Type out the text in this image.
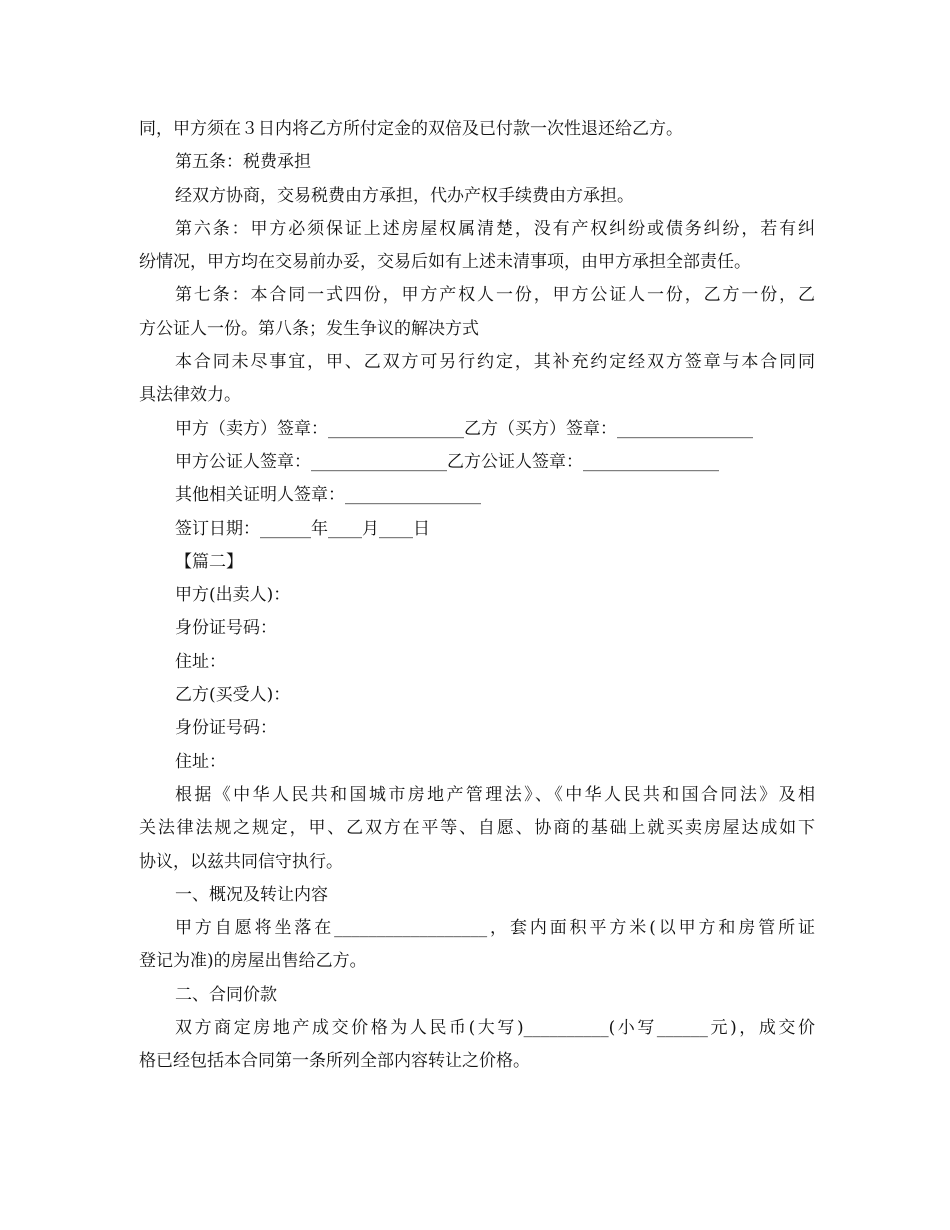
同，甲方须在３日内将乙方所付定金的双倍及已付款一次性退还给乙方。
第五条：税费承担
经双方协商，交易税费由方承担，代办产权手续费由方承担。
第六条：甲方必须保证上述房屋权属清楚，没有产权纠纷或债务纠纷，若有纠
纷情况，甲方均在交易前办妥，交易后如有上述未清事项，由甲方承担全部责任。
第七条：本合同一式四份，甲方产权人一份，甲方公证人一份，乙方一份，乙
方公证人一份。第八条；发生争议的解决方式
本合同未尽事宜，甲、乙双方可另行约定，其补充约定经双方签章与本合同同
具法律效力。
甲方（卖方）签章：________________乙方（买方）签章：________________
甲方公证人签章：________________乙方公证人签章：________________
其他相关证明人签章：________________
签订日期：______年____月____日
【篇二】
甲方(出卖人)：
身份证号码：
住址：
乙方(买受人)：
身份证号码：
住址：
根据《中华人民共和国城市房地产管理法》、《中华人民共和国合同法》及相
关法律法规之规定，甲、乙双方在平等、自愿、协商的基础上就买卖房屋达成如下
协议，以兹共同信守执行。
一、概况及转让内容
甲方自愿将坐落在__________________，套内面积平方米(以甲方和房管所证
登记为准)的房屋出售给乙方。
二、合同价款
双方商定房地产成交价格为人民币(大写)__________(小写______元)，成交价
格已经包括本合同第一条所列全部内容转让之价格。
